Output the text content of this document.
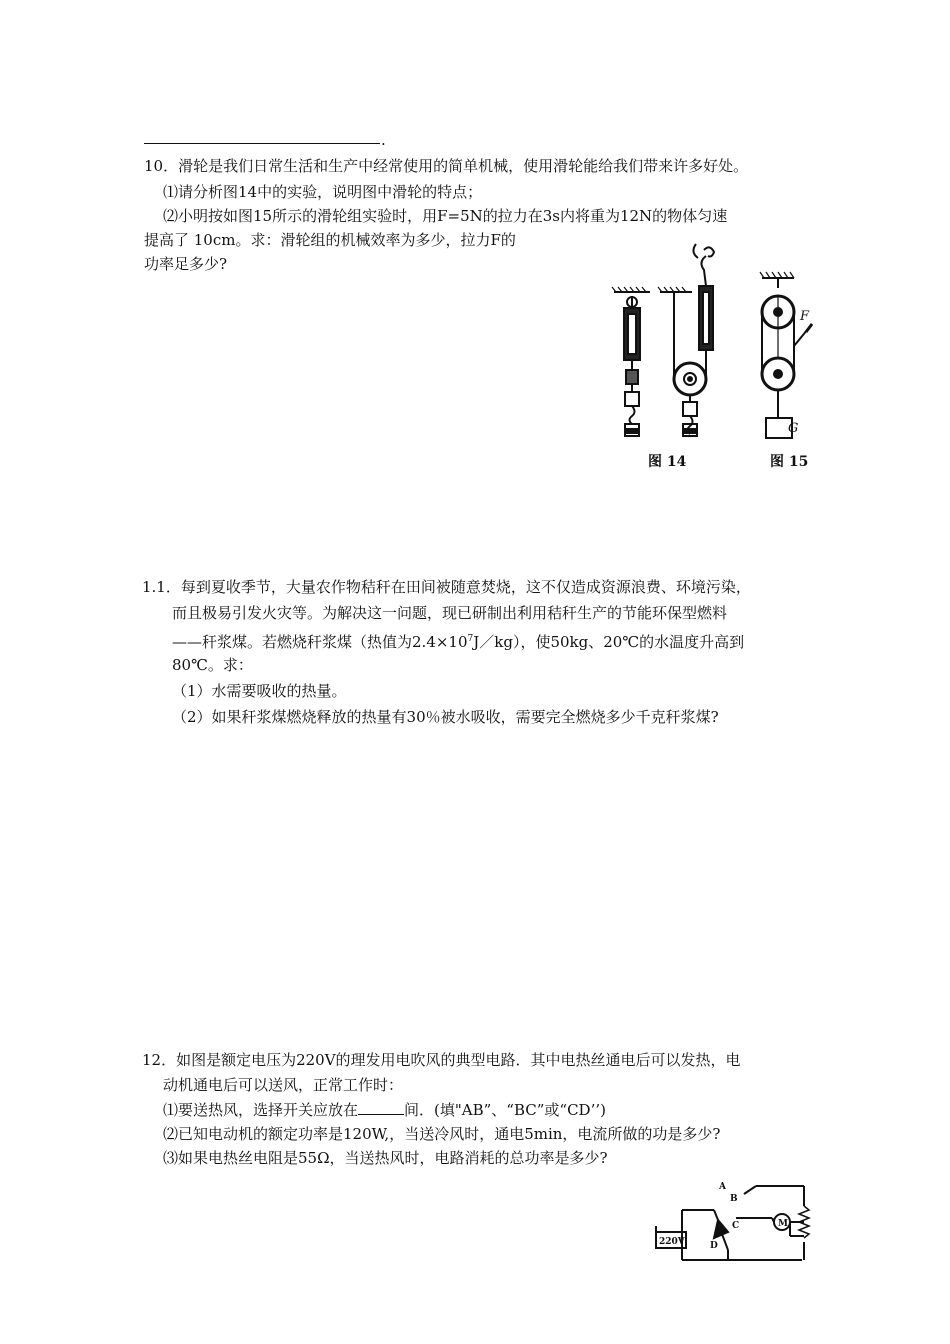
.
10．滑轮是我们日常生活和生产中经常使用的简单机械，使用滑轮能给我们带来许多好处。
⑴请分析图14中的实验，说明图中滑轮的特点；
⑵小明按如图15所示的滑轮组实验时，用F=5N的拉力在3s内将重为12N的物体匀速
提高了 10cm。求：滑轮组的机械效率为多少，拉力F的
功率足多少?
G
F
图 14	图 15
1.1．每到夏收季节，大量农作物秸秆在田间被随意焚烧，这不仅造成资源浪费、环境污染，
而且极易引发火灾等。为解决这一问题，现已研制出利用秸秆生产的节能环保型燃料
——秆浆煤。若燃烧秆浆煤（热值为$2.4\times 10^7J/kg$），使50kg、20℃的水温度升高到
80℃。求：
（1）水需要吸收的热量。
（2）如果秆浆煤燃烧释放的热量有30％被水吸收，需要完全燃烧多少千克秆浆煤?
12．如图是额定电压为220V的理发用电吹风的典型电路．其中电热丝通电后可以发热，电
动机通电后可以送风，正常工作时：
⑴要送热风，选择开关应放在	间．(填"AB”、“BC”或“CD’’)
⑵已知电动机的额定功率是120W,，当送冷风时，通电5min，电流所做的功是多少?
⑶如果电热丝电阻是55Ω，当送热风时，电路消耗的总功率是多少?
220V
A
B
C
D
M
